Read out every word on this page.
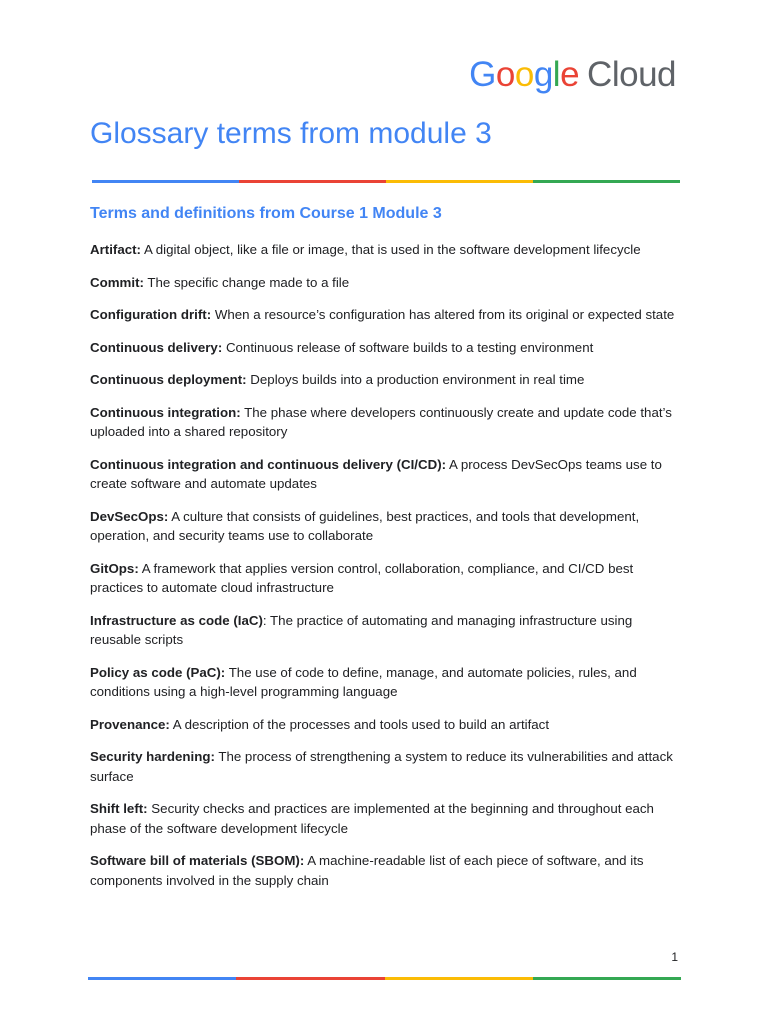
Google Cloud
Glossary terms from module 3
Terms and definitions from Course 1 Module 3
Artifact: A digital object, like a file or image, that is used in the software development lifecycle
Commit: The specific change made to a file
Configuration drift: When a resource’s configuration has altered from its original or expected state
Continuous delivery: Continuous release of software builds to a testing environment
Continuous deployment: Deploys builds into a production environment in real time
Continuous integration: The phase where developers continuously create and update code that’s uploaded into a shared repository
Continuous integration and continuous delivery (CI/CD): A process DevSecOps teams use to create software and automate updates
DevSecOps: A culture that consists of guidelines, best practices, and tools that development, operation, and security teams use to collaborate
GitOps: A framework that applies version control, collaboration, compliance, and CI/CD best practices to automate cloud infrastructure
Infrastructure as code (IaC): The practice of automating and managing infrastructure using reusable scripts
Policy as code (PaC): The use of code to define, manage, and automate policies, rules, and conditions using a high-level programming language
Provenance: A description of the processes and tools used to build an artifact
Security hardening: The process of strengthening a system to reduce its vulnerabilities and attack surface
Shift left: Security checks and practices are implemented at the beginning and throughout each phase of the software development lifecycle
Software bill of materials (SBOM): A machine-readable list of each piece of software, and its components involved in the supply chain
1
